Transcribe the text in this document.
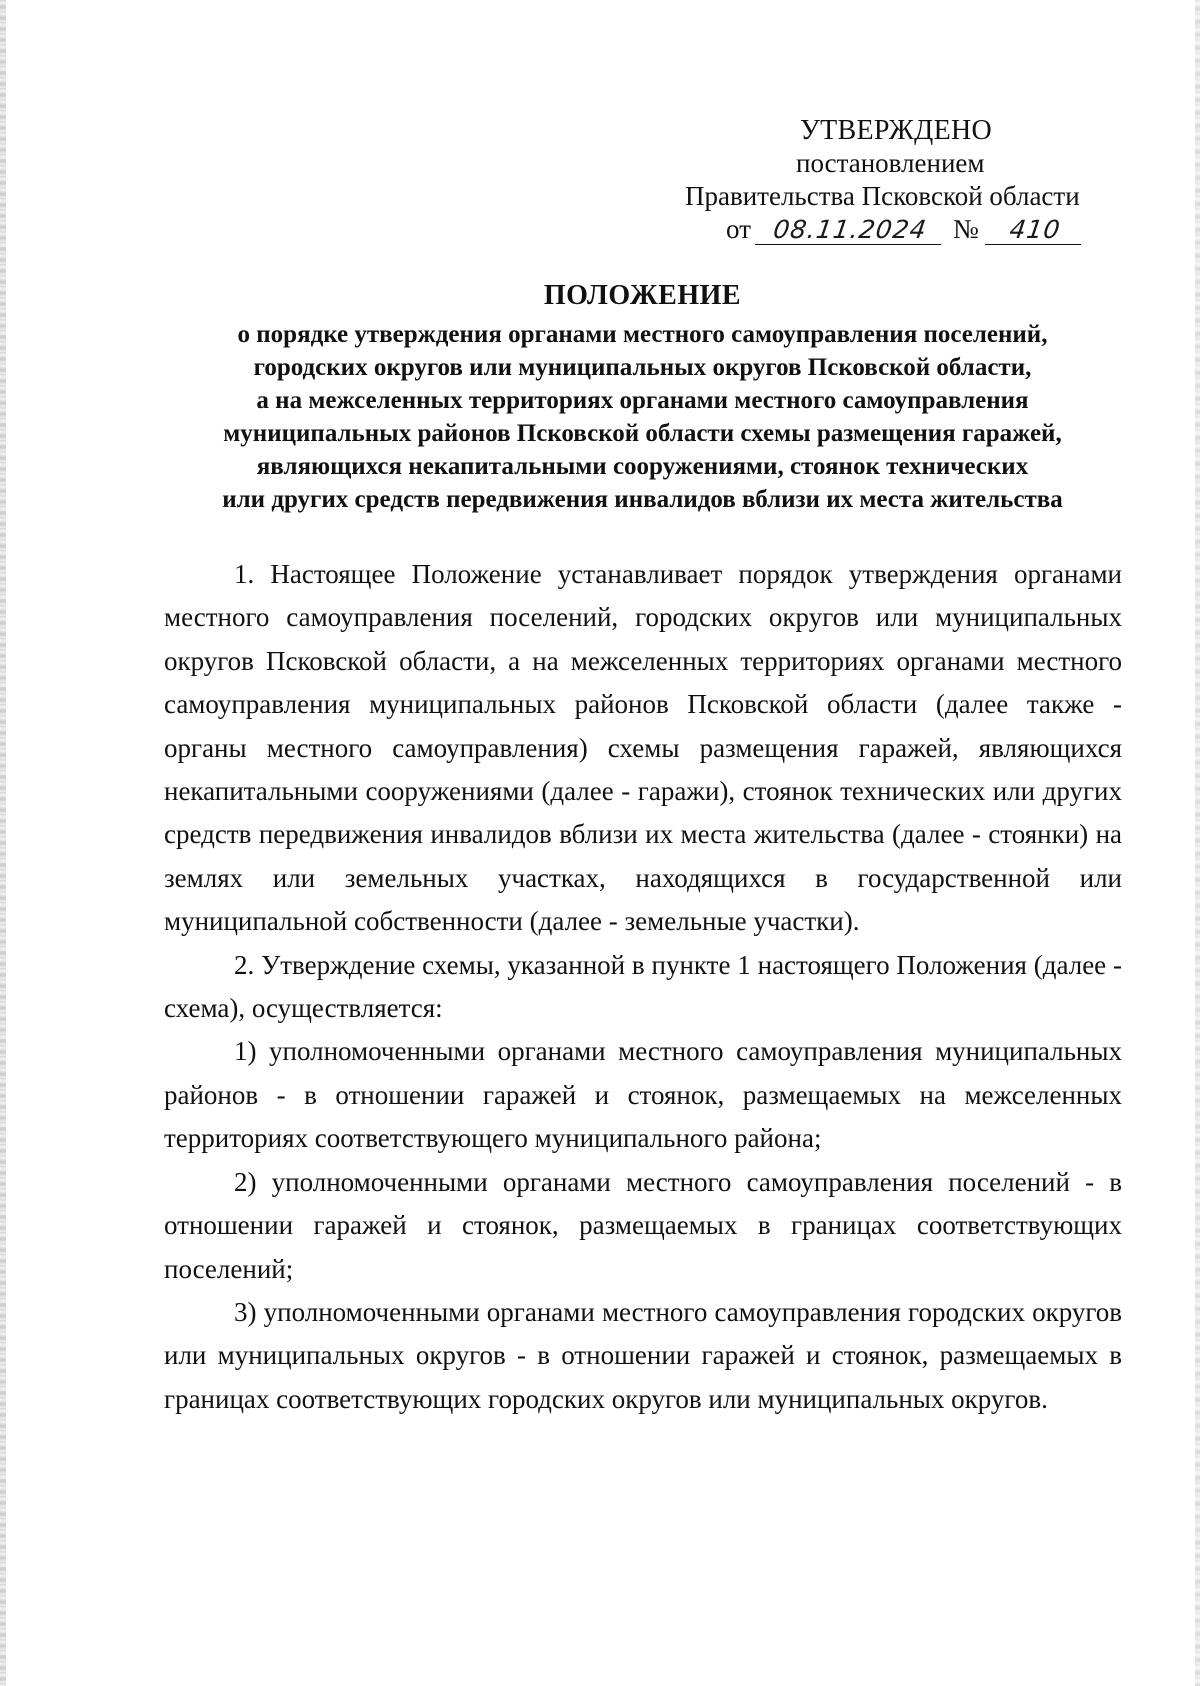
УТВЕРЖДЕНО
постановлением
Правительства Псковской области
от 08.11.2024 № 410
ПОЛОЖЕНИЕ
о порядке утверждения органами местного самоуправления поселений,
городских округов или муниципальных округов Псковской области,
а на межселенных территориях органами местного самоуправления
муниципальных районов Псковской области схемы размещения гаражей,
являющихся некапитальными сооружениями, стоянок технических
или других средств передвижения инвалидов вблизи их места жительства

1. Настоящее Положение устанавливает порядок утверждения органами местного самоуправления поселений, городских округов или муниципальных округов Псковской области, а на межселенных территориях органами местного самоуправления муниципальных районов Псковской области (далее также - органы местного самоуправления) схемы размещения гаражей, являющихся некапитальными сооружениями (далее - гаражи), стоянок технических или других средств передвижения инвалидов вблизи их места жительства (далее - стоянки) на землях или земельных участках, находящихся в государственной или муниципальной собственности (далее - земельные участки).

2. Утверждение схемы, указанной в пункте 1 настоящего Положения (далее - схема), осуществляется:

1) уполномоченными органами местного самоуправления муниципальных районов - в отношении гаражей и стоянок, размещаемых на межселенных территориях соответствующего муниципального района;

2) уполномоченными органами местного самоуправления поселений - в отношении гаражей и стоянок, размещаемых в границах соответствующих поселений;

3) уполномоченными органами местного самоуправления городских округов или муниципальных округов - в отношении гаражей и стоянок, размещаемых в границах соответствующих городских округов или муниципальных округов.
